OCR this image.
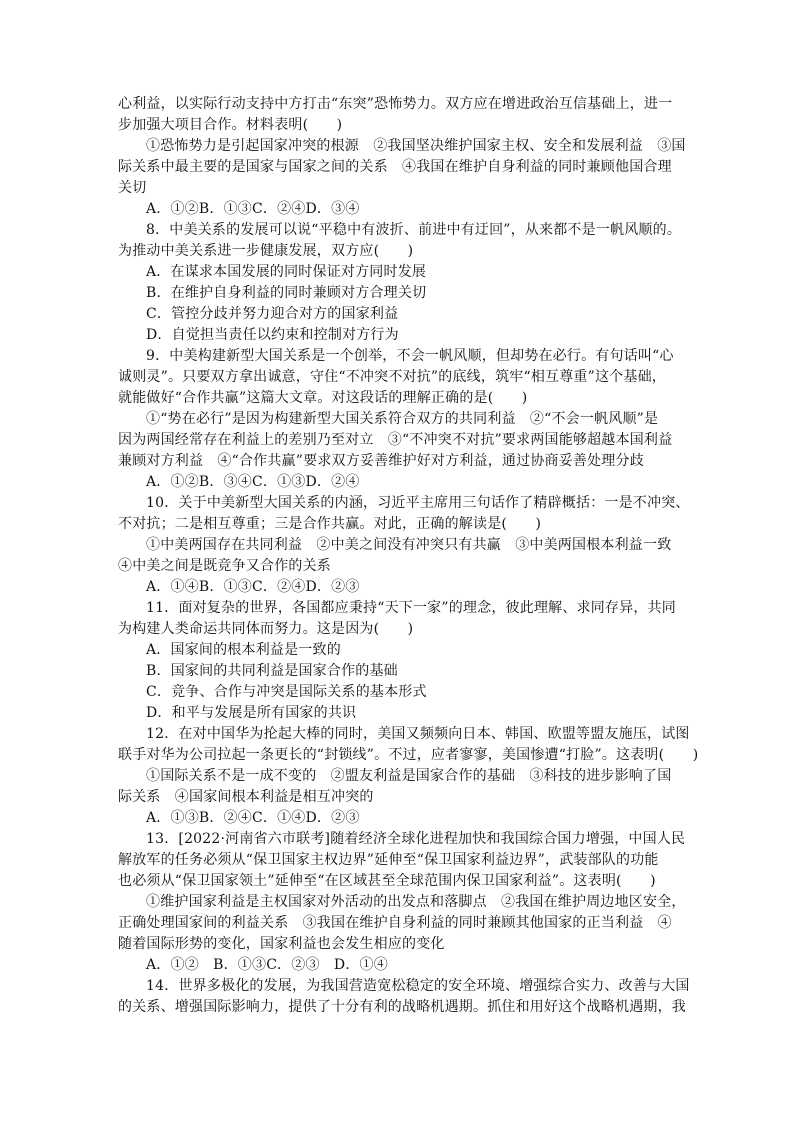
心利益，以实际行动支持中方打击“东突”恐怖势力。双方应在增进政治互信基础上，进一
步加强大项目合作。材料表明(　　)
①恐怖势力是引起国家冲突的根源　②我国坚决维护国家主权、安全和发展利益　③国
际关系中最主要的是国家与国家之间的关系　④我国在维护自身利益的同时兼顾他国合理
关切
A．①②B．①③C．②④D．③④
8．中美关系的发展可以说“平稳中有波折、前进中有迂回”，从来都不是一帆风顺的。
为推动中美关系进一步健康发展，双方应(　　)
A．在谋求本国发展的同时保证对方同时发展
B．在维护自身利益的同时兼顾对方合理关切
C．管控分歧并努力迎合对方的国家利益
D．自觉担当责任以约束和控制对方行为
9．中美构建新型大国关系是一个创举，不会一帆风顺，但却势在必行。有句话叫“心
诚则灵”。只要双方拿出诚意，守住“不冲突不对抗”的底线，筑牢“相互尊重”这个基础，
就能做好“合作共赢”这篇大文章。对这段话的理解正确的是(　　)
①“势在必行”是因为构建新型大国关系符合双方的共同利益　②“不会一帆风顺”是
因为两国经常存在利益上的差别乃至对立　③“不冲突不对抗”要求两国能够超越本国利益
兼顾对方利益　④“合作共赢”要求双方妥善维护好对方利益，通过协商妥善处理分歧
A．①②B．③④C．①③D．②④
10．关于中美新型大国关系的内涵，习近平主席用三句话作了精辟概括：一是不冲突、
不对抗；二是相互尊重；三是合作共赢。对此，正确的解读是(　　)
①中美两国存在共同利益　②中美之间没有冲突只有共赢　③中美两国根本利益一致
④中美之间是既竞争又合作的关系
A．①④B．①③C．②④D．②③
11．面对复杂的世界，各国都应秉持“天下一家”的理念，彼此理解、求同存异，共同
为构建人类命运共同体而努力。这是因为(　　)
A．国家间的根本利益是一致的
B．国家间的共同利益是国家合作的基础
C．竞争、合作与冲突是国际关系的基本形式
D．和平与发展是所有国家的共识
12．在对中国华为抡起大棒的同时，美国又频频向日本、韩国、欧盟等盟友施压，试图
联手对华为公司拉起一条更长的“封锁线”。不过，应者寥寥，美国惨遭“打脸”。这表明(　　)
①国际关系不是一成不变的　②盟友利益是国家合作的基础　③科技的进步影响了国
际关系　④国家间根本利益是相互冲突的
A．①③B．②④C．①④D．②③
13．[2022·河南省六市联考]随着经济全球化进程加快和我国综合国力增强，中国人民
解放军的任务必须从“保卫国家主权边界”延伸至“保卫国家利益边界”，武装部队的功能
也必须从“保卫国家领土”延伸至“在区域甚至全球范围内保卫国家利益”。这表明(　　)
①维护国家利益是主权国家对外活动的出发点和落脚点　②我国在维护周边地区安全，
正确处理国家间的利益关系　③我国在维护自身利益的同时兼顾其他国家的正当利益　④
随着国际形势的变化，国家利益也会发生相应的变化
A．①②　B．①③C．②③　D．①④
14．世界多极化的发展，为我国营造宽松稳定的安全环境、增强综合实力、改善与大国
的关系、增强国际影响力，提供了十分有利的战略机遇期。抓住和用好这个战略机遇期，我
